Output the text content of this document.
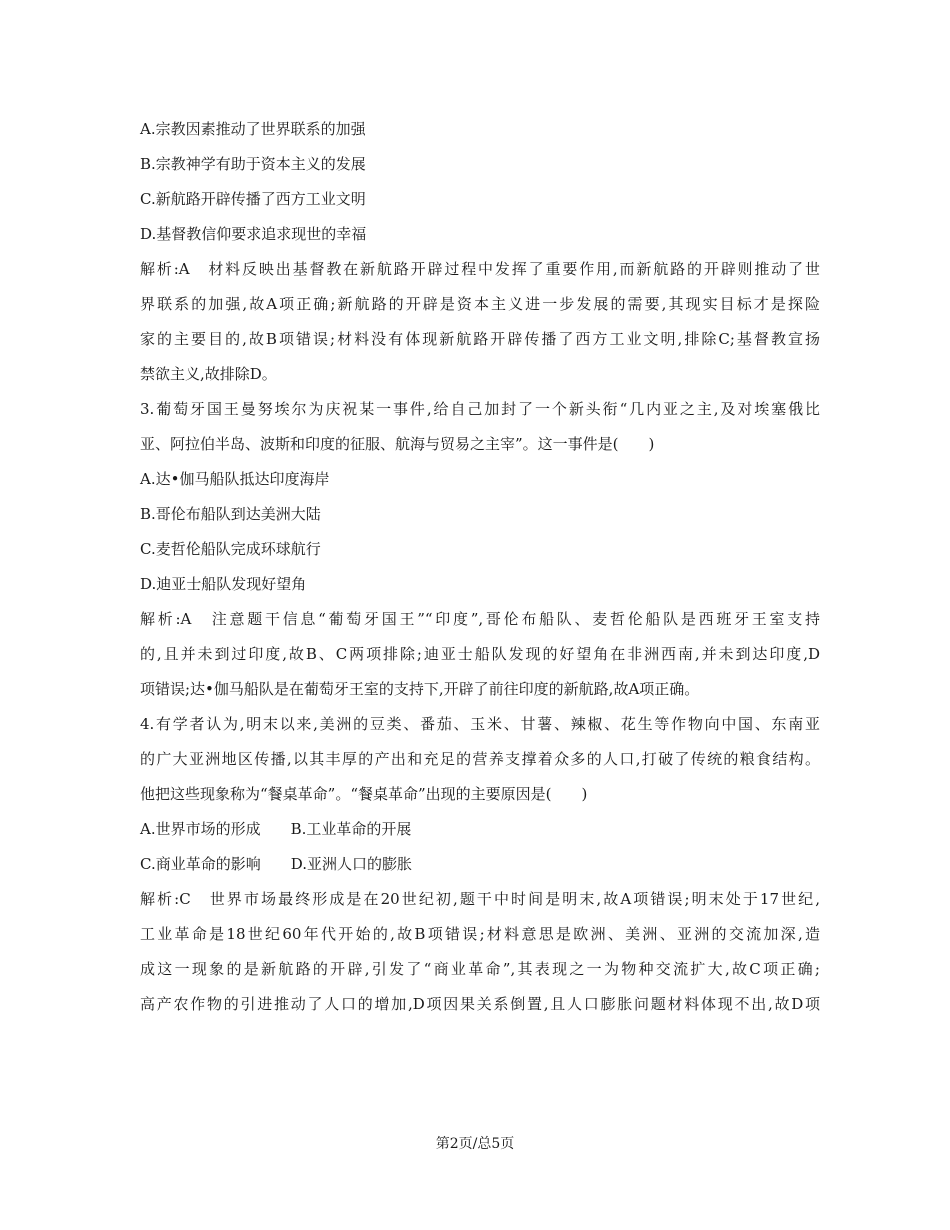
A.宗教因素推动了世界联系的加强
B.宗教神学有助于资本主义的发展
C.新航路开辟传播了西方工业文明
D.基督教信仰要求追求现世的幸福
解析:A　材料反映出基督教在新航路开辟过程中发挥了重要作用,而新航路的开辟则推动了世
界联系的加强,故A项正确;新航路的开辟是资本主义进一步发展的需要,其现实目标才是探险
家的主要目的,故B项错误;材料没有体现新航路开辟传播了西方工业文明,排除C;基督教宣扬
禁欲主义,故排除D。
3.葡萄牙国王曼努埃尔为庆祝某一事件,给自己加封了一个新头衔“几内亚之主,及对埃塞俄比
亚、阿拉伯半岛、波斯和印度的征服、航海与贸易之主宰”。这一事件是(　　)
A.达•伽马船队抵达印度海岸
B.哥伦布船队到达美洲大陆
C.麦哲伦船队完成环球航行
D.迪亚士船队发现好望角
解析:A　注意题干信息“葡萄牙国王”“印度”,哥伦布船队、麦哲伦船队是西班牙王室支持
的,且并未到过印度,故B、C两项排除;迪亚士船队发现的好望角在非洲西南,并未到达印度,D
项错误;达•伽马船队是在葡萄牙王室的支持下,开辟了前往印度的新航路,故A项正确。
4.有学者认为,明末以来,美洲的豆类、番茄、玉米、甘薯、辣椒、花生等作物向中国、东南亚
的广大亚洲地区传播,以其丰厚的产出和充足的营养支撑着众多的人口,打破了传统的粮食结构。
他把这些现象称为“餐桌革命”。“餐桌革命”出现的主要原因是(　　)
A.世界市场的形成　　B.工业革命的开展
C.商业革命的影响　　D.亚洲人口的膨胀
解析:C　世界市场最终形成是在20世纪初,题干中时间是明末,故A项错误;明末处于17世纪,
工业革命是18世纪60年代开始的,故B项错误;材料意思是欧洲、美洲、亚洲的交流加深,造
成这一现象的是新航路的开辟,引发了“商业革命”,其表现之一为物种交流扩大,故C项正确;
高产农作物的引进推动了人口的增加,D项因果关系倒置,且人口膨胀问题材料体现不出,故D项
第2页/总5页
